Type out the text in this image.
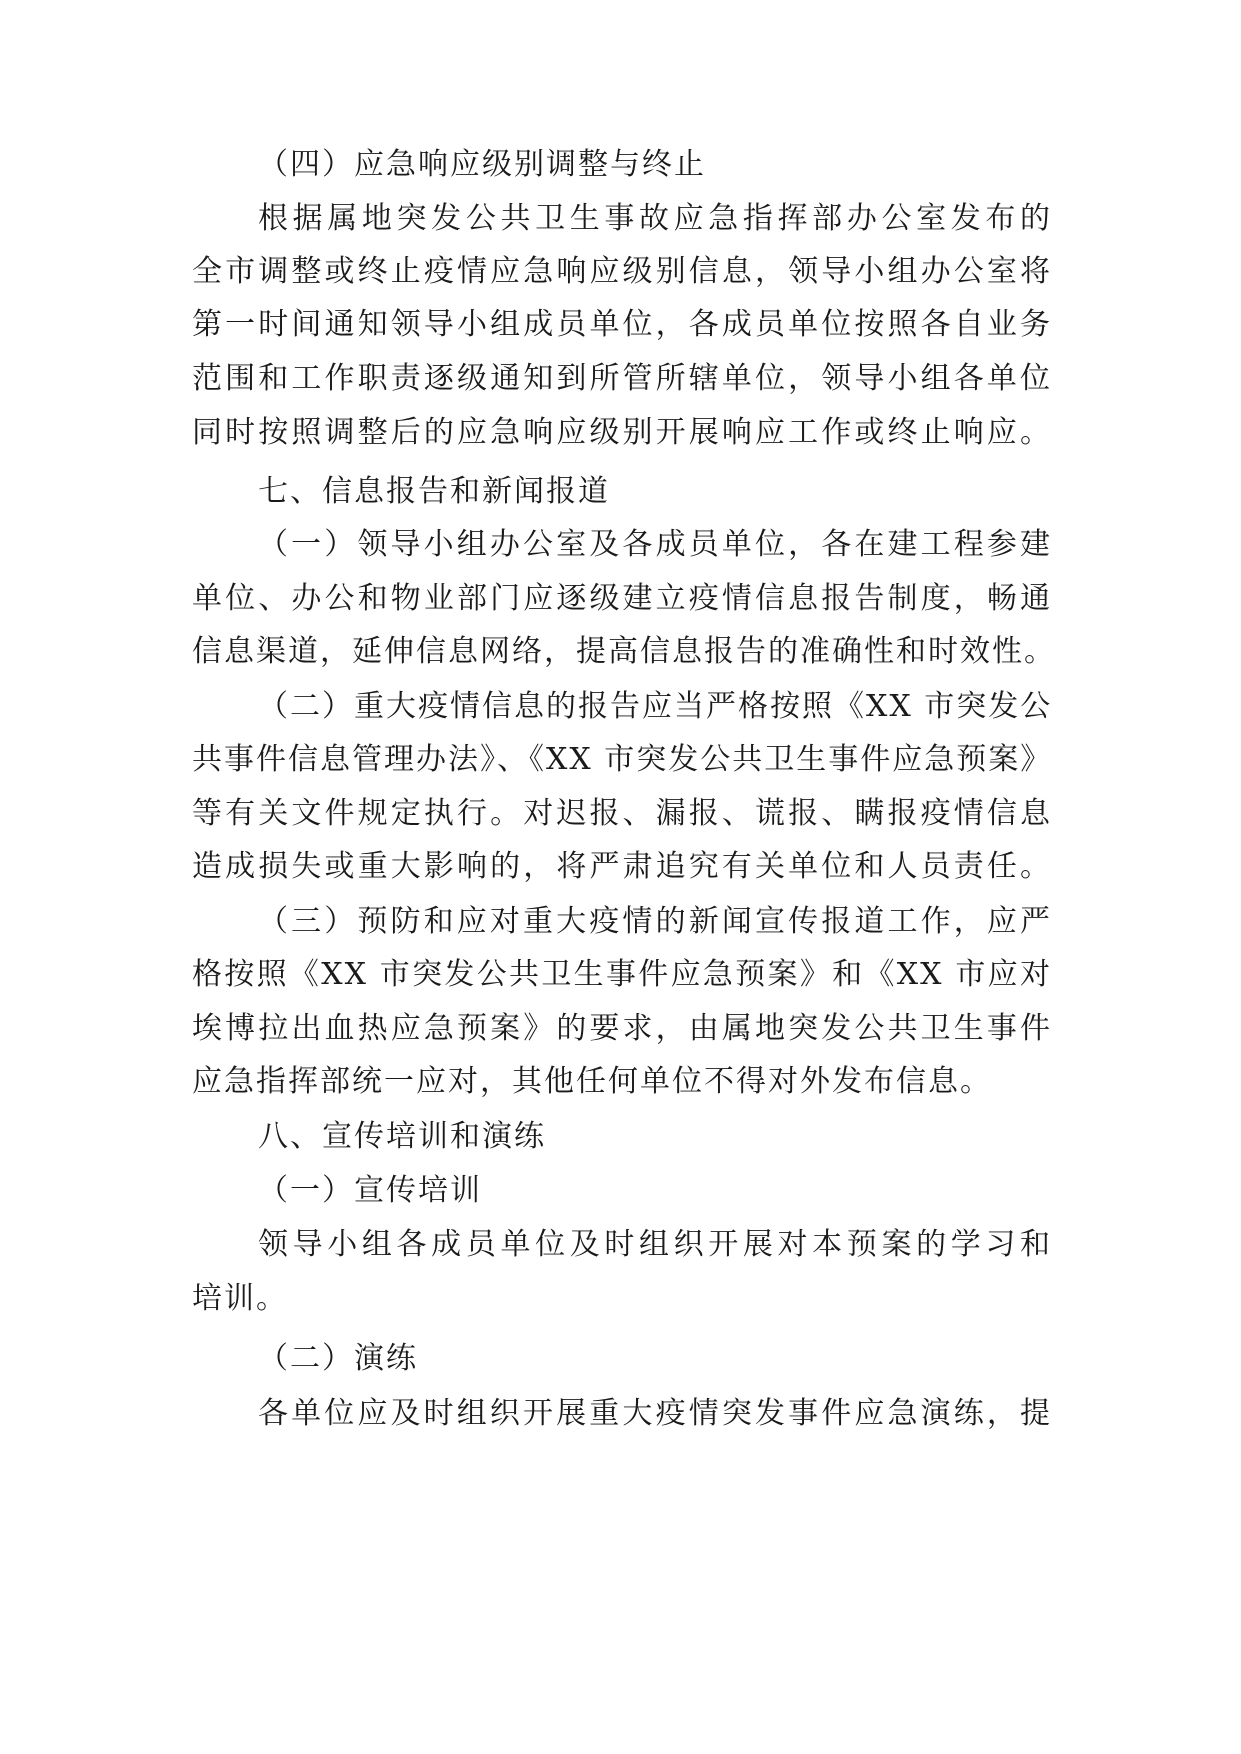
（四）应急响应级别调整与终止
根据属地突发公共卫生事故应急指挥部办公室发布的
全市调整或终止疫情应急响应级别信息，领导小组办公室将
第一时间通知领导小组成员单位，各成员单位按照各自业务
范围和工作职责逐级通知到所管所辖单位，领导小组各单位
同时按照调整后的应急响应级别开展响应工作或终止响应。
七、信息报告和新闻报道
（一）领导小组办公室及各成员单位，各在建工程参建
单位、办公和物业部门应逐级建立疫情信息报告制度，畅通
信息渠道，延伸信息网络，提高信息报告的准确性和时效性。
（二）重大疫情信息的报告应当严格按照《XX 市突发公
共事件信息管理办法》、《XX 市突发公共卫生事件应急预案》
等有关文件规定执行。对迟报、漏报、谎报、瞒报疫情信息
造成损失或重大影响的，将严肃追究有关单位和人员责任。
（三）预防和应对重大疫情的新闻宣传报道工作，应严
格按照《XX 市突发公共卫生事件应急预案》和《XX 市应对
埃博拉出血热应急预案》的要求，由属地突发公共卫生事件
应急指挥部统一应对，其他任何单位不得对外发布信息。
八、宣传培训和演练
（一）宣传培训
领导小组各成员单位及时组织开展对本预案的学习和
培训。
（二）演练
各单位应及时组织开展重大疫情突发事件应急演练，提
